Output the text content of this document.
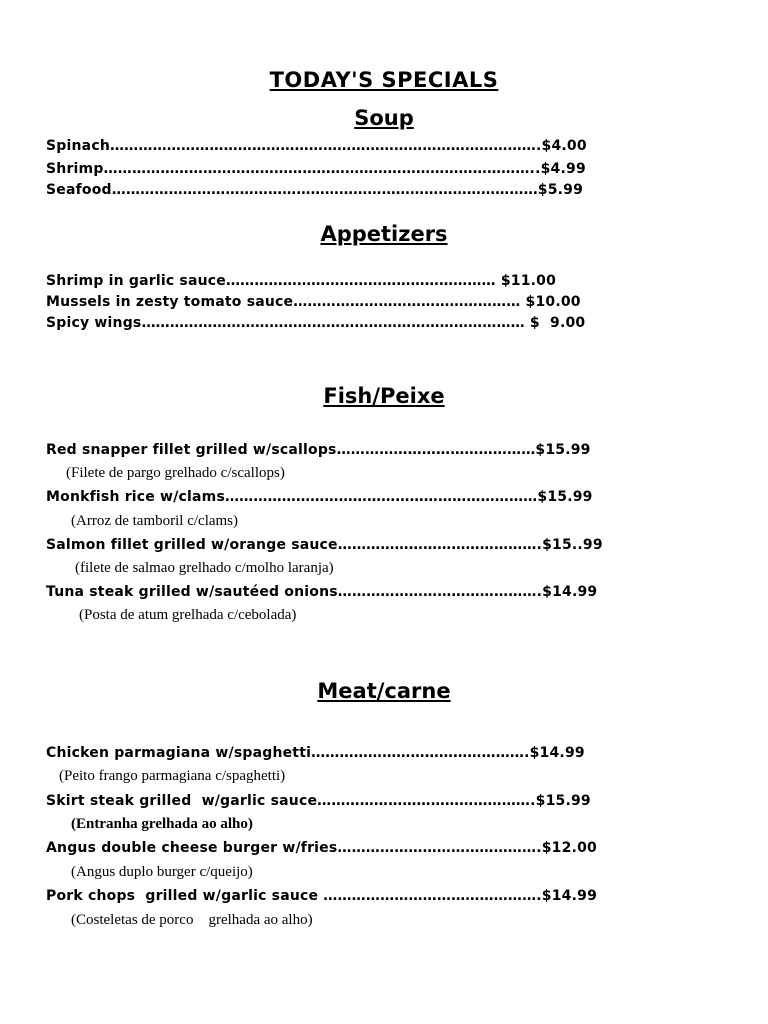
TODAY'S SPECIALS
Soup
Spinach……………………………………………………………………………….$4.00
Shrimp………………………………………………………………………………..$4.99
Seafood………………………………………………………………………………$5.99
Appetizers
Shrimp in garlic sauce………………………………………………… $11.00
Mussels in zesty tomato sauce………………………………………… $10.00
Spicy wings……………………………………………………………………… $  9.00
Fish/Peixe
Red snapper fillet grilled w/scallops……………………………………$15.99
(Filete de pargo grelhado c/scallops)
Monkfish rice w/clams…………………………………………………………$15.99
(Arroz de tamboril c/clams)
Salmon fillet grilled w/orange sauce…………………………………….$15..99
(filete de salmao grelhado c/molho laranja)
Tuna steak grilled w/sautéed onions…………………………………….$14.99
(Posta de atum grelhada c/cebolada)
Meat/carne
Chicken parmagiana w/spaghetti……………………………………….$14.99
(Peito frango parmagiana c/spaghetti)
Skirt steak grilled  w/garlic sauce……………………………………….$15.99
(Entranha grelhada ao alho)
Angus double cheese burger w/fries…………………………………….$12.00
(Angus duplo burger c/queijo)
Pork chops  grilled w/garlic sauce ……………………………………….$14.99
(Costeletas de porco    grelhada ao alho)
